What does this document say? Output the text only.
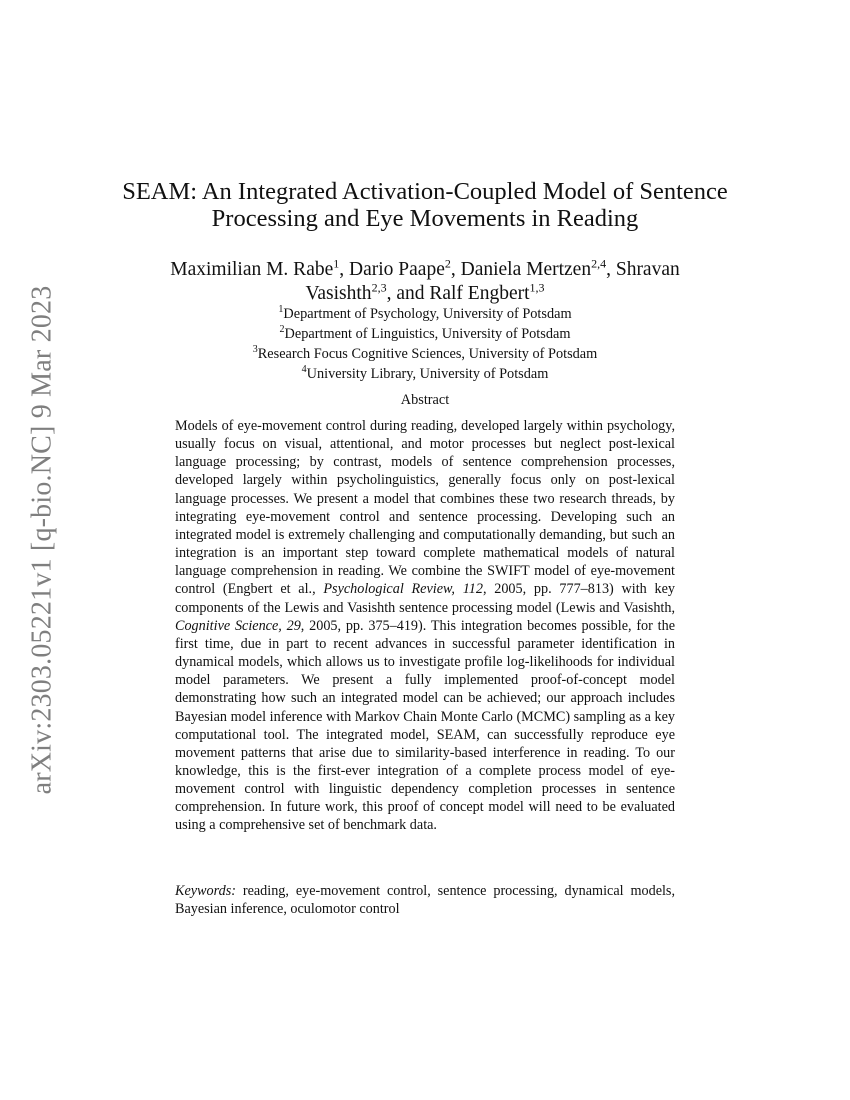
arXiv:2303.05221v1 [q-bio.NC] 9 Mar 2023
SEAM: An Integrated Activation-Coupled Model of Sentence Processing and Eye Movements in Reading
Maximilian M. Rabe$^1$, Dario Paape$^2$, Daniela Mertzen$^{2,4}$, Shravan Vasishth$^{2,3}$, and Ralf Engbert$^{1,3}$
$^1$Department of Psychology, University of Potsdam
$^2$Department of Linguistics, University of Potsdam
$^3$Research Focus Cognitive Sciences, University of Potsdam
$^4$University Library, University of Potsdam
Abstract
Models of eye-movement control during reading, developed largely within psychology, usually focus on visual, attentional, and motor processes but neglect post-lexical language processing; by contrast, models of sentence comprehension processes, developed largely within psycholinguistics, generally focus only on post-lexical language processes. We present a model that combines these two research threads, by integrating eye-movement control and sentence processing. Developing such an integrated model is extremely challenging and computationally demanding, but such an integration is an important step toward complete mathematical models of natural language comprehension in reading. We combine the SWIFT model of eye-movement control (Engbert et al., Psychological Review, 112, 2005, pp. 777–813) with key components of the Lewis and Vasishth sentence processing model (Lewis and Vasishth, Cognitive Science, 29, 2005, pp. 375–419). This integration becomes possible, for the first time, due in part to recent advances in successful parameter identification in dynamical models, which allows us to investigate profile log-likelihoods for individual model parameters. We present a fully implemented proof-of-concept model demonstrating how such an integrated model can be achieved; our approach includes Bayesian model inference with Markov Chain Monte Carlo (MCMC) sampling as a key computational tool. The integrated model, SEAM, can successfully reproduce eye movement patterns that arise due to similarity-based interference in reading. To our knowledge, this is the first-ever integration of a complete process model of eye-movement control with linguistic dependency completion processes in sentence comprehension. In future work, this proof of concept model will need to be evaluated using a comprehensive set of benchmark data.
Keywords: reading, eye-movement control, sentence processing, dynamical models, Bayesian inference, oculomotor control
